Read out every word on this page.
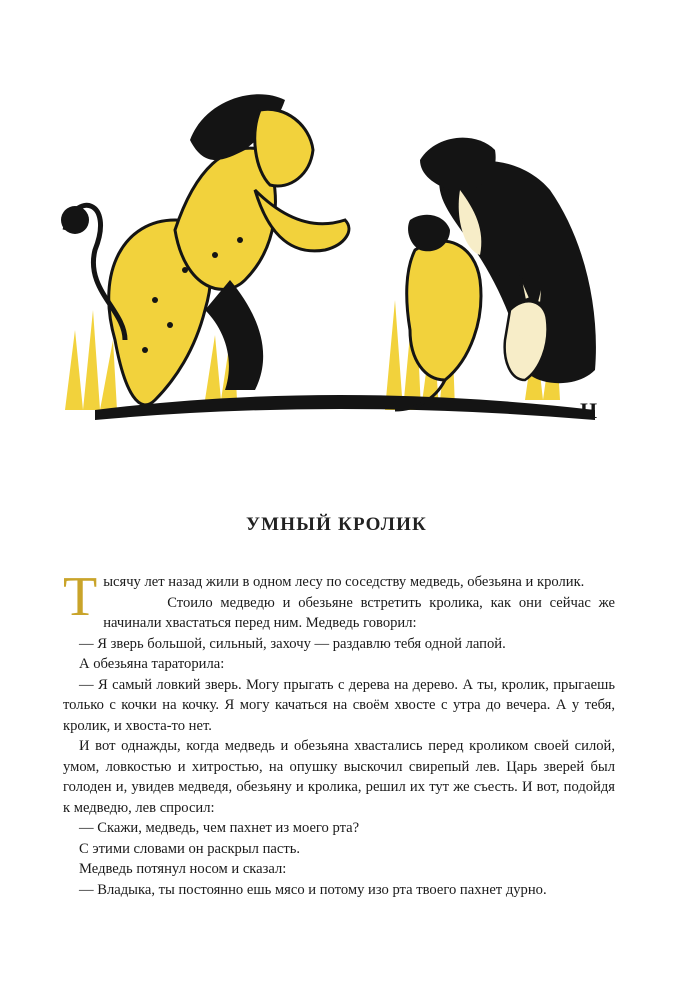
Н
УМНЫЙ КРОЛИК

Тысячу лет назад жили в одном лесу по соседству медведь, обезьяна и кролик.

Стоило медведю и обезьяне встретить кролика, как они сейчас же начинали хвастаться перед ним. Медведь говорил:

— Я зверь большой, сильный, захочу — раздавлю тебя одной лапой.

А обезьяна тараторила:

— Я самый ловкий зверь. Могу прыгать с дерева на дерево. А ты, кролик, прыгаешь только с кочки на кочку. Я могу качаться на своём хвосте с утра до вечера. А у тебя, кролик, и хвоста-то нет.

И вот однажды, когда медведь и обезьяна хвастались перед кроликом своей силой, умом, ловкостью и хитростью, на опушку выскочил свирепый лев. Царь зверей был голоден и, увидев медведя, обезьяну и кролика, решил их тут же съесть. И вот, подойдя к медведю, лев спросил:

— Скажи, медведь, чем пахнет из моего рта?

С этими словами он раскрыл пасть.

Медведь потянул носом и сказал:

— Владыка, ты постоянно ешь мясо и потому изо рта твоего пахнет дурно.
